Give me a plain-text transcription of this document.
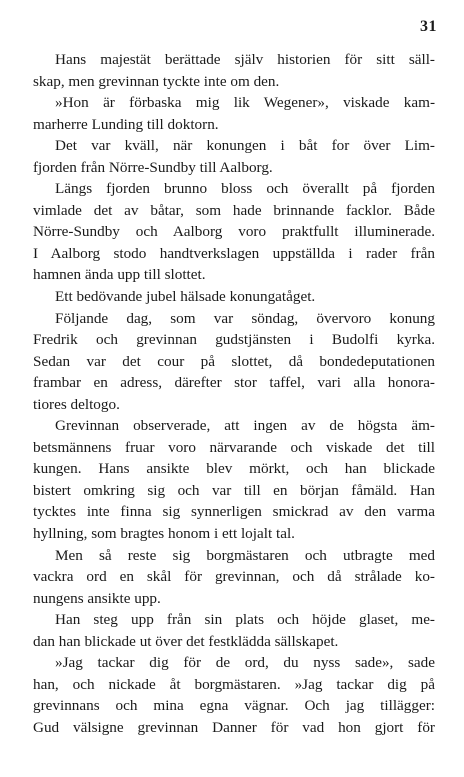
31
Hans majestät berättade själv historien för sitt säll-
skap, men grevinnan tyckte inte om den.
»Hon är förbaska mig lik Wegener», viskade kam-
marherre Lunding till doktorn.
Det var kväll, när konungen i båt for över Lim-
fjorden från Nörre-Sundby till Aalborg.
Längs fjorden brunno bloss och överallt på fjorden
vimlade det av båtar, som hade brinnande facklor. Både
Nörre-Sundby och Aalborg voro praktfullt illuminerade.
I Aalborg stodo handtverkslagen uppställda i rader från
hamnen ända upp till slottet.
Ett bedövande jubel hälsade konungatåget.
Följande dag, som var söndag, övervoro konung
Fredrik och grevinnan gudstjänsten i Budolfi kyrka.
Sedan var det cour på slottet, då bondedeputationen
frambar en adress, därefter stor taffel, vari alla honora-
tiores deltogo.
Grevinnan observerade, att ingen av de högsta äm-
betsmännens fruar voro närvarande och viskade det till
kungen. Hans ansikte blev mörkt, och han blickade
bistert omkring sig och var till en början fåmäld. Han
tycktes inte finna sig synnerligen smickrad av den varma
hyllning, som bragtes honom i ett lojalt tal.
Men så reste sig borgmästaren och utbragte med
vackra ord en skål för grevinnan, och då strålade ko-
nungens ansikte upp.
Han steg upp från sin plats och höjde glaset, me-
dan han blickade ut över det festklädda sällskapet.
»Jag tackar dig för de ord, du nyss sade», sade
han, och nickade åt borgmästaren. »Jag tackar dig på
grevinnans och mina egna vägnar. Och jag tillägger:
Gud välsigne grevinnan Danner för vad hon gjort för
